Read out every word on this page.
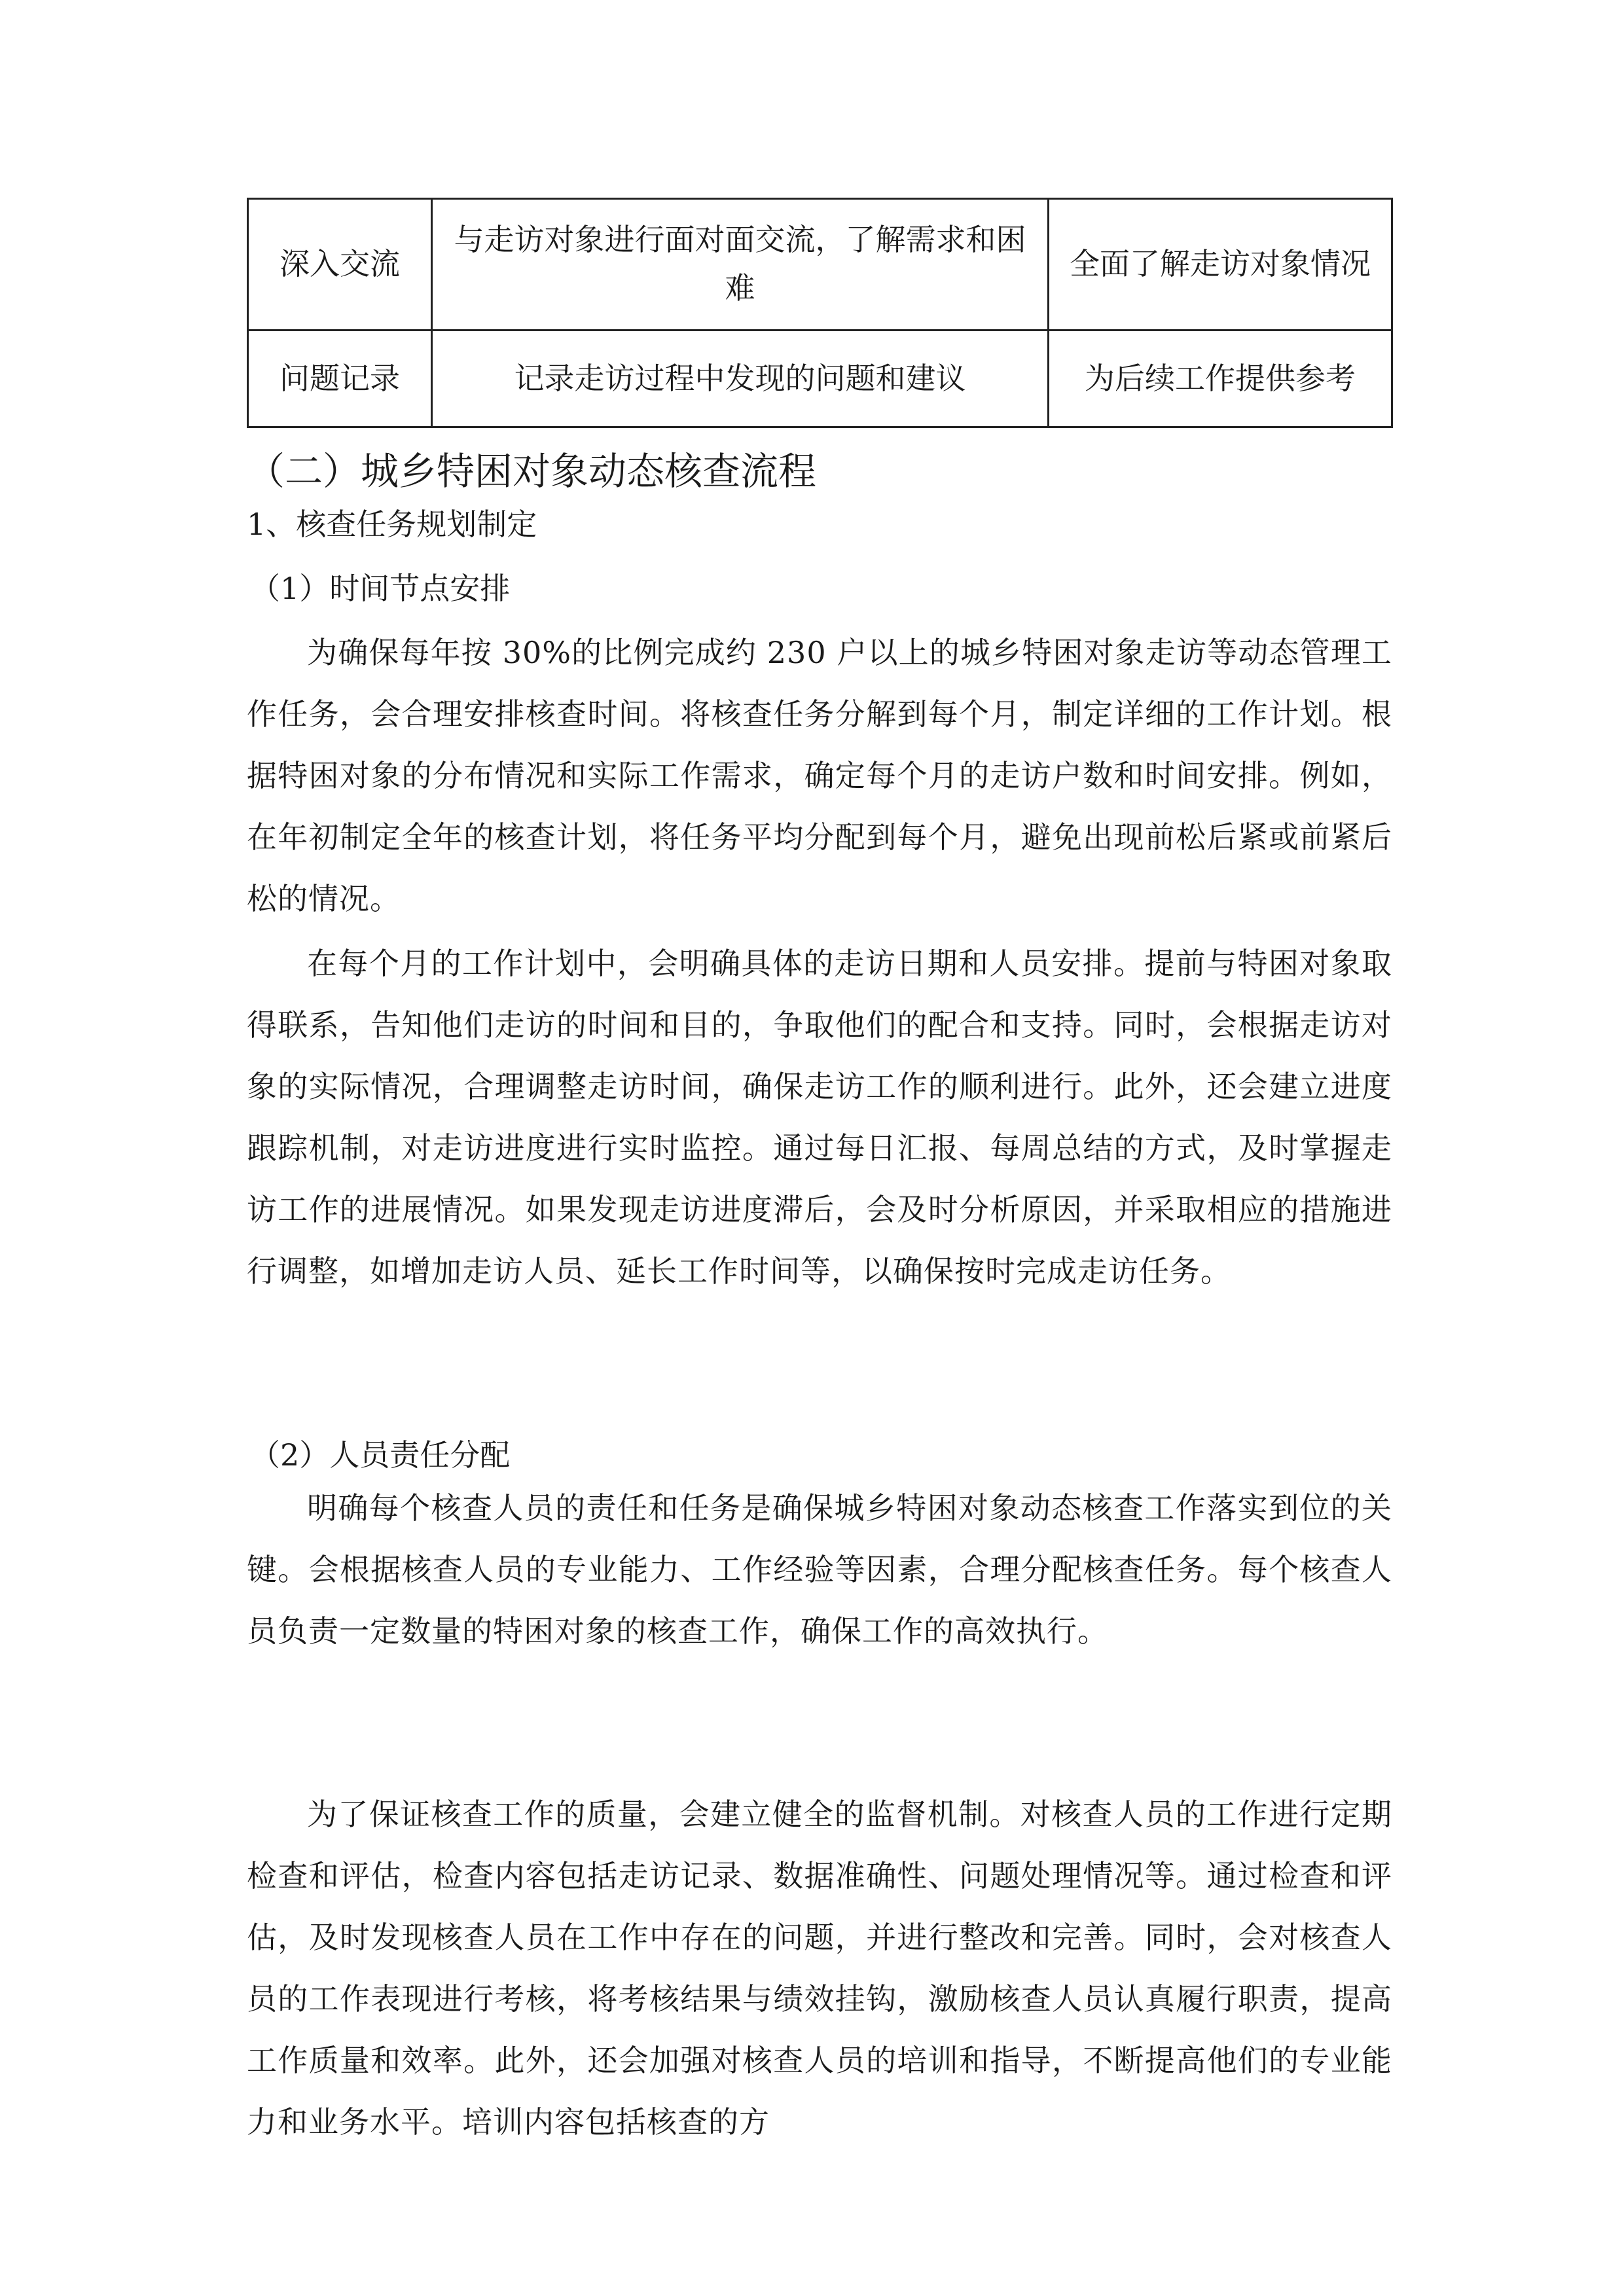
深入交流	与走访对象进行面对面交流，了解需求和困难	全面了解走访对象情况
问题记录	记录走访过程中发现的问题和建议	为后续工作提供参考
（二）城乡特困对象动态核查流程
1、核查任务规划制定
（1）时间节点安排

为确保每年按 30%的比例完成约 230 户以上的城乡特困对象走访等动态管理工作任务，会合理安排核查时间。将核查任务分解到每个月，制定详细的工作计划。根据特困对象的分布情况和实际工作需求，确定每个月的走访户数和时间安排。例如，在年初制定全年的核查计划，将任务平均分配到每个月，避免出现前松后紧或前紧后松的情况。

在每个月的工作计划中，会明确具体的走访日期和人员安排。提前与特困对象取得联系，告知他们走访的时间和目的，争取他们的配合和支持。同时，会根据走访对象的实际情况，合理调整走访时间，确保走访工作的顺利进行。此外，还会建立进度跟踪机制，对走访进度进行实时监控。通过每日汇报、每周总结的方式，及时掌握走访工作的进展情况。如果发现走访进度滞后，会及时分析原因，并采取相应的措施进行调整，如增加走访人员、延长工作时间等，以确保按时完成走访任务。

（2）人员责任分配

明确每个核查人员的责任和任务是确保城乡特困对象动态核查工作落实到位的关键。会根据核查人员的专业能力、工作经验等因素，合理分配核查任务。每个核查人员负责一定数量的特困对象的核查工作，确保工作的高效执行。

为了保证核查工作的质量，会建立健全的监督机制。对核查人员的工作进行定期检查和评估，检查内容包括走访记录、数据准确性、问题处理情况等。通过检查和评估，及时发现核查人员在工作中存在的问题，并进行整改和完善。同时，会对核查人员的工作表现进行考核，将考核结果与绩效挂钩，激励核查人员认真履行职责，提高工作质量和效率。此外，还会加强对核查人员的培训和指导，不断提高他们的专业能力和业务水平。培训内容包括核查的方
